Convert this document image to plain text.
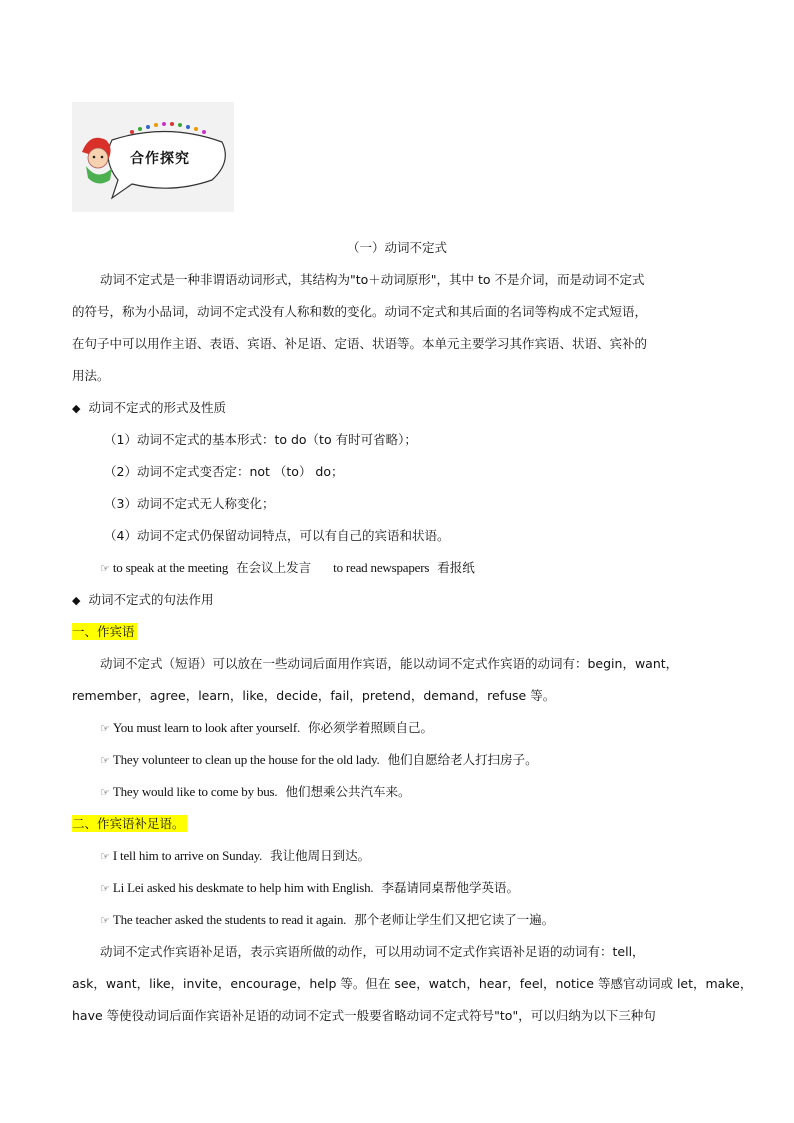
合作探究
（一）动词不定式
动词不定式是一种非谓语动词形式，其结构为"to＋动词原形"，其中 to 不是介词，而是动词不定式
的符号，称为小品词，动词不定式没有人称和数的变化。动词不定式和其后面的名词等构成不定式短语，
在句子中可以用作主语、表语、宾语、补足语、定语、状语等。本单元主要学习其作宾语、状语、宾补的
用法。
◆ 动词不定式的形式及性质
（1）动词不定式的基本形式：to do（to 有时可省略）；
（2）动词不定式变否定：not （to） do；
（3）动词不定式无人称变化；
（4）动词不定式仍保留动词特点，可以有自己的宾语和状语。
☞ to speak at the meeting 在会议上发言 to read newspapers 看报纸
◆ 动词不定式的句法作用
一、作宾语
动词不定式（短语）可以放在一些动词后面用作宾语，能以动词不定式作宾语的动词有：begin，want，
remember，agree，learn，like，decide，fail，pretend，demand，refuse 等。
☞ You must learn to look after yourself. 你必须学着照顾自己。
☞ They volunteer to clean up the house for the old lady. 他们自愿给老人打扫房子。
☞ They would like to come by bus. 他们想乘公共汽车来。
二、作宾语补足语。
☞ I tell him to arrive on Sunday. 我让他周日到达。
☞ Li Lei asked his deskmate to help him with English. 李磊请同桌帮他学英语。
☞ The teacher asked the students to read it again. 那个老师让学生们又把它读了一遍。
动词不定式作宾语补足语，表示宾语所做的动作，可以用动词不定式作宾语补足语的动词有：tell，
ask，want，like，invite，encourage，help 等。但在 see，watch，hear，feel，notice 等感官动词或 let，make，
have 等使役动词后面作宾语补足语的动词不定式一般要省略动词不定式符号"to"，可以归纳为以下三种句
